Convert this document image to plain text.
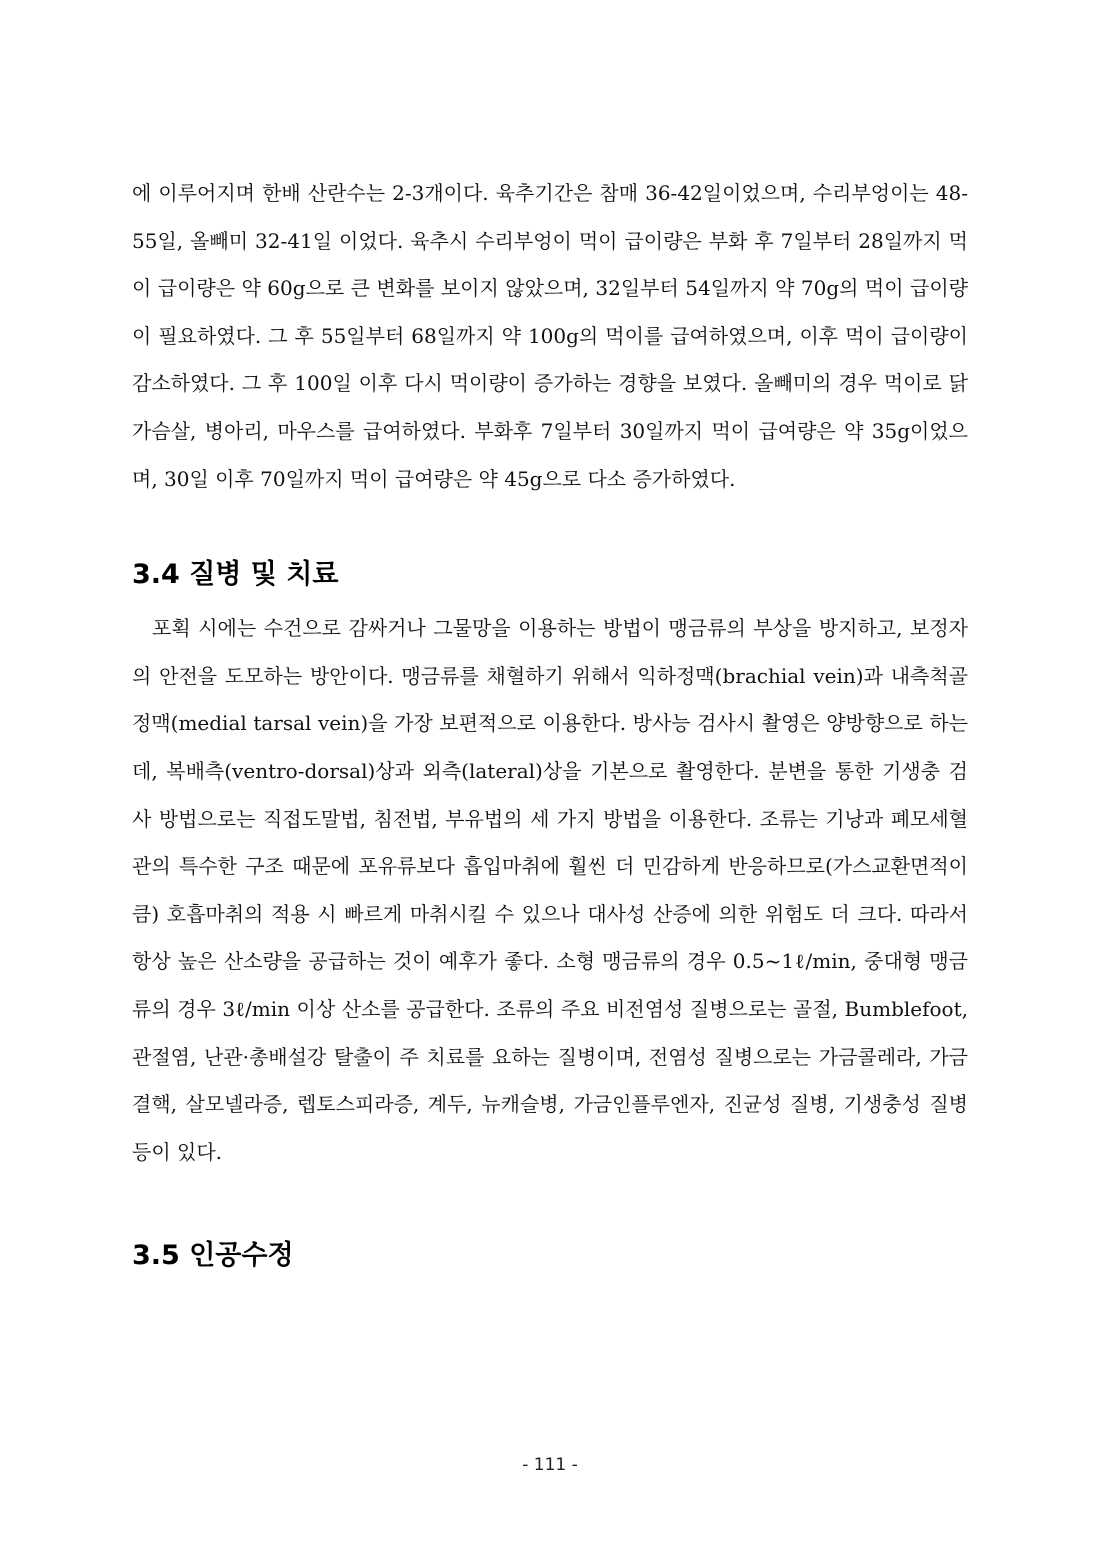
에 이루어지며 한배 산란수는 2-3개이다. 육추기간은 참매 36-42일이었으며, 수리부엉이는 48-55일, 올빼미 32-41일 이었다. 육추시 수리부엉이 먹이 급이량은 부화 후 7일부터 28일까지 먹이 급이량은 약 60g으로 큰 변화를 보이지 않았으며, 32일부터 54일까지 약 70g의 먹이 급이량이 필요하였다. 그 후 55일부터 68일까지 약 100g의 먹이를 급여하였으며, 이후 먹이 급이량이 감소하였다. 그 후 100일 이후 다시 먹이량이 증가하는 경향을 보였다. 올빼미의 경우 먹이로 닭가슴살, 병아리, 마우스를 급여하였다. 부화후 7일부터 30일까지 먹이 급여량은 약 35g이었으며, 30일 이후 70일까지 먹이 급여량은 약 45g으로 다소 증가하였다.

3.4 질병 및 치료

포획 시에는 수건으로 감싸거나 그물망을 이용하는 방법이 맹금류의 부상을 방지하고, 보정자의 안전을 도모하는 방안이다. 맹금류를 채혈하기 위해서 익하정맥(brachial vein)과 내측척골정맥(medial tarsal vein)을 가장 보편적으로 이용한다. 방사능 검사시 촬영은 양방향으로 하는데, 복배측(ventro-dorsal)상과 외측(lateral)상을 기본으로 촬영한다. 분변을 통한 기생충 검사 방법으로는 직접도말법, 침전법, 부유법의 세 가지 방법을 이용한다. 조류는 기낭과 폐모세혈관의 특수한 구조 때문에 포유류보다 흡입마취에 훨씬 더 민감하게 반응하므로(가스교환면적이 큼) 호흡마취의 적용 시 빠르게 마취시킬 수 있으나 대사성 산증에 의한 위험도 더 크다. 따라서 항상 높은 산소량을 공급하는 것이 예후가 좋다. 소형 맹금류의 경우 0.5~1ℓ/min, 중대형 맹금류의 경우 3ℓ/min 이상 산소를 공급한다. 조류의 주요 비전염성 질병으로는 골절, Bumblefoot, 관절염, 난관·총배설강 탈출이 주 치료를 요하는 질병이며, 전염성 질병으로는 가금콜레라, 가금결핵, 살모넬라증, 렙토스피라증, 계두, 뉴캐슬병, 가금인플루엔자, 진균성 질병, 기생충성 질병 등이 있다.

3.5 인공수정
- 111 -
